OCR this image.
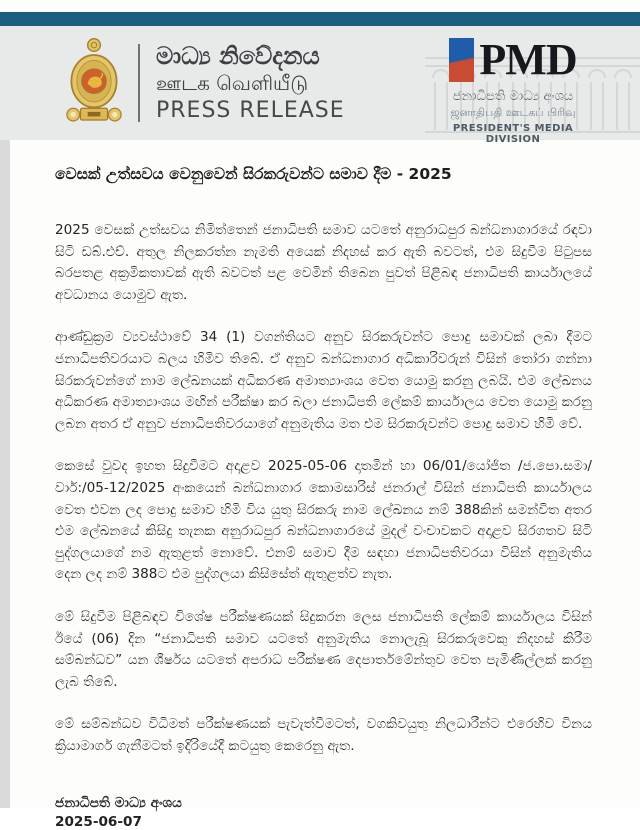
මාධ්‍ය නිවේදනය
ஊடக வெளியீடு
PRESS RELEASE
PMD
ජනාධිපති මාධ්‍ය අංශය
ஜனாதிபதி ஊடகப் பிரிவு
PRESIDENT'S MEDIA DIVISION
වෙසක් උත්සවය වෙනුවෙන් සිරකරුවන්ට සමාව දීම - 2025

2025 වෙසක් උත්සවය නිමිත්තෙන් ජනාධිපති සමාව යටතේ අනුරාධපුර බන්ධනාගාරයේ රඳවා සිටි ඩබ්.එච්. අතුල නිලකරත්න නැමති අයෙක් නිදහස් කර ඇති බවටත්, එම සිදුවීම පිටුපස බරපතළ අක්‍රමිකතාවක් ඇති බවටත් පළ වෙමින් තිබෙන පුවත් පිළිබඳ ජනාධිපති කාර්යාලයේ අවධානය යොමුව ඇත.

ආණ්ඩුක්‍රම ව්‍යවස්ථාවේ 34 (1) වගන්තියට අනුව සිරකරුවන්ට පොදු සමාවක් ලබා දීමට ජනාධිපතිවරයාට බලය හිමිව තිබේ. ඒ අනුව බන්ධනාගාර අධිකාරිවරුන් විසින් තෝරා ගන්නා සිරකරුවන්ගේ නාම ලේඛනයක් අධිකරණ අමාත්‍යාංශය වෙත යොමු කරනු ලබයි. එම ලේඛනය අධිකරණ අමාත්‍යාංශය මඟින් පරීක්ෂා කර බලා ජනාධිපති ලේකම් කාර්යාලය වෙත යොමු කරනු ලබන අතර ඒ අනුව ජනාධිපතිවරයාගේ අනුමැතිය මත එම සිරකරුවන්ට පොදු සමාව හිමි වේ.

කෙසේ වුවද ඉහත සිදුවීමට අදාළව 2025-05-06 දාතමින් හා 06/01/යෝජිත /ජ.පො.සමා/වාර්:/05-12/2025 අංකයෙන් බන්ධනාගාර කොමසාරිස් ජනරාල් විසින් ජනාධිපති කාර්යාලය වෙත එවන ලද පොදු සමාව හිමි විය යුතු සිරකරු නාම ලේඛනය නම් 388කින් සමන්විත අතර එම ලේඛනයේ කිසිදු තැනක අනුරාධපුර බන්ධනාගාරයේ මුදල් වංචාවකට අදාළව සිරගතව සිටි පුද්ගලයාගේ නම ඇතුළත් නොවේ. එනම් සමාව දීම සඳහා ජනාධිපතිවරයා විසින් අනුමැතිය දෙන ලද නම් 388ට එම පුද්ගලයා කිසිසේත් ඇතුළත්ව නැත.

මේ සිදුවීම පිළිබඳව විශේෂ පරීක්ෂණයක් සිදුකරන ලෙස ජනාධිපති ලේකම් කාර්යාලය විසින් ඊයේ (06) දින “ජනාධිපති සමාව යටතේ අනුමැතිය නොලැබූ සිරකරුවෙකු නිදහස් කිරීම සම්බන්ධව” යන ශීර්ෂය යටතේ අපරාධ පරීක්ෂණ දෙපාර්තමේන්තුව වෙත පැමිණිල්ලක් කරනු ලැබ තිබේ.

මේ සම්බන්ධව විධිමත් පරීක්ෂණයක් පැවැත්වීමටත්, වගකිවයුතු නිලධාරීන්ට එරෙහිව විනය ක්‍රියාමාර්ග ගැනීමටත් ඉදිරියේදී කටයුතු කෙරෙනු ඇත.

ජනාධිපති මාධ්‍ය අංශය
2025-06-07
